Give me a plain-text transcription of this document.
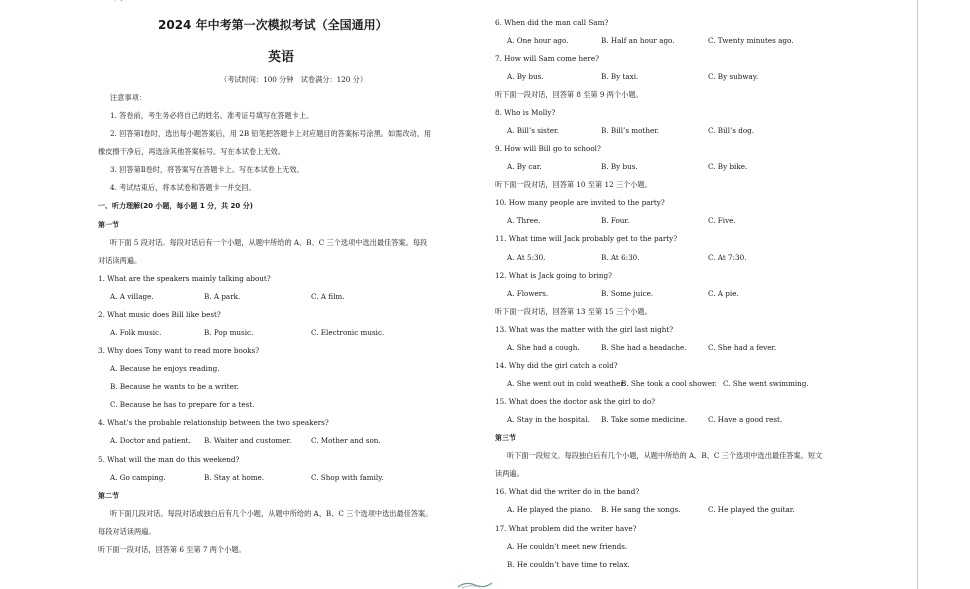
2024 年中考第一次模拟考试（全国通用）
英语
（考试时间：100 分钟　试卷满分：120 分）
注意事项：
1. 答卷前，考生务必将自己的姓名、准考证号填写在答题卡上。
2. 回答第Ⅰ卷时，选出每小题答案后，用 2B 铅笔把答题卡上对应题目的答案标号涂黑。如需改动，用
橡皮擦干净后，再选涂其他答案标号。写在本试卷上无效。
3. 回答第Ⅱ卷时，将答案写在答题卡上。写在本试卷上无效。
4. 考试结束后，将本试卷和答题卡一并交回。
一、听力理解(20 小题，每小题 1 分，共 20 分)
第一节
听下面 5 段对话。每段对话后有一个小题，从题中所给的 A、B、C 三个选项中选出最佳答案。每段
对话读两遍。
1. What are the speakers mainly talking about?
A. A village.	B. A park.	C. A film.
2. What music does Bill like best?
A. Folk music.	B. Pop music.	C. Electronic music.
3. Why does Tony want to read more books?
A. Because he enjoys reading.
B. Because he wants to be a writer.
C. Because he has to prepare for a test.
4. What’s the probable relationship between the two speakers?
A. Doctor and patient. B. Waiter and customer.	C. Mother and son.
5. What will the man do this weekend?
A. Go camping.	B. Stay at home.	C. Shop with family.
第二节
听下面几段对话。每段对话或独白后有几个小题，从题中所给的 A、B、C 三个选项中选出最佳答案。
每段对话读两遍。
听下面一段对话，回答第 6 至第 7 两个小题。
6. When did the man call Sam?
A. One hour ago.	B. Half an hour ago.	C. Twenty minutes ago.
7. How will Sam come here?
A. By bus.	B. By taxi.	C. By subway.
听下面一段对话，回答第 8 至第 9 两个小题。
8. Who is Molly?
A. Bill’s sister.	B. Bill’s mother.	C. Bill’s dog.
9. How will Bill go to school?
A. By car.	B. By bus.	C. By bike.
听下面一段对话，回答第 10 至第 12 三个小题。
10. How many people are invited to the party?
A. Three.	B. Four.	C. Five.
11. What time will Jack probably get to the party?
A. At 5:30.	B. At 6:30.	C. At 7:30.
12. What is Jack going to bring?
A. Flowers.	B. Some juice.	C. A pie.
听下面一段对话，回答第 13 至第 15 三个小题。
13. What was the matter with the girl last night?
A. She had a cough.	B. She had a headache.	C. She had a fever.
14. Why did the girl catch a cold?
A. She went out in cold weather.
B. She took a cool shower. C. She went swimming.
15. What does the doctor ask the girl to do?
A. Stay in the hospital. B. Take some medicine.	C. Have a good rest.
第三节
听下面一段短文。每段独白后有几个小题，从题中所给的 A、B、C 三个选项中选出最佳答案。短文
读两遍。
16. What did the writer do in the band?
A. He played the piano. B. He sang the songs.	C. He played the guitar.
17. What problem did the writer have?
A. He couldn’t meet new friends.
B. He couldn’t have time to relax.
